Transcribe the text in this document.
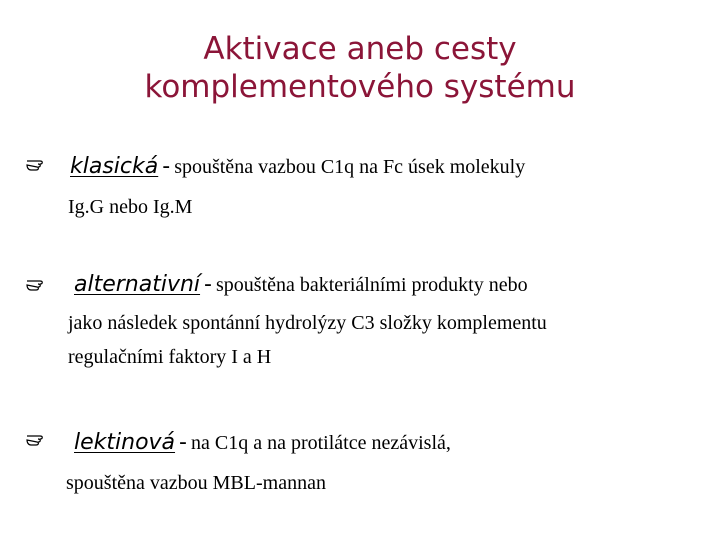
Aktivace aneb cesty
komplementového systému
klasická - spouštěna vazbou C1q na Fc úsek molekuly
Ig.G nebo Ig.M
alternativní - spouštěna bakteriálními produkty nebo
jako následek spontánní hydrolýzy C3 složky komplementu
regulačními faktory I a H
lektinová - na C1q a na protilátce nezávislá,
spouštěna vazbou MBL-mannan
